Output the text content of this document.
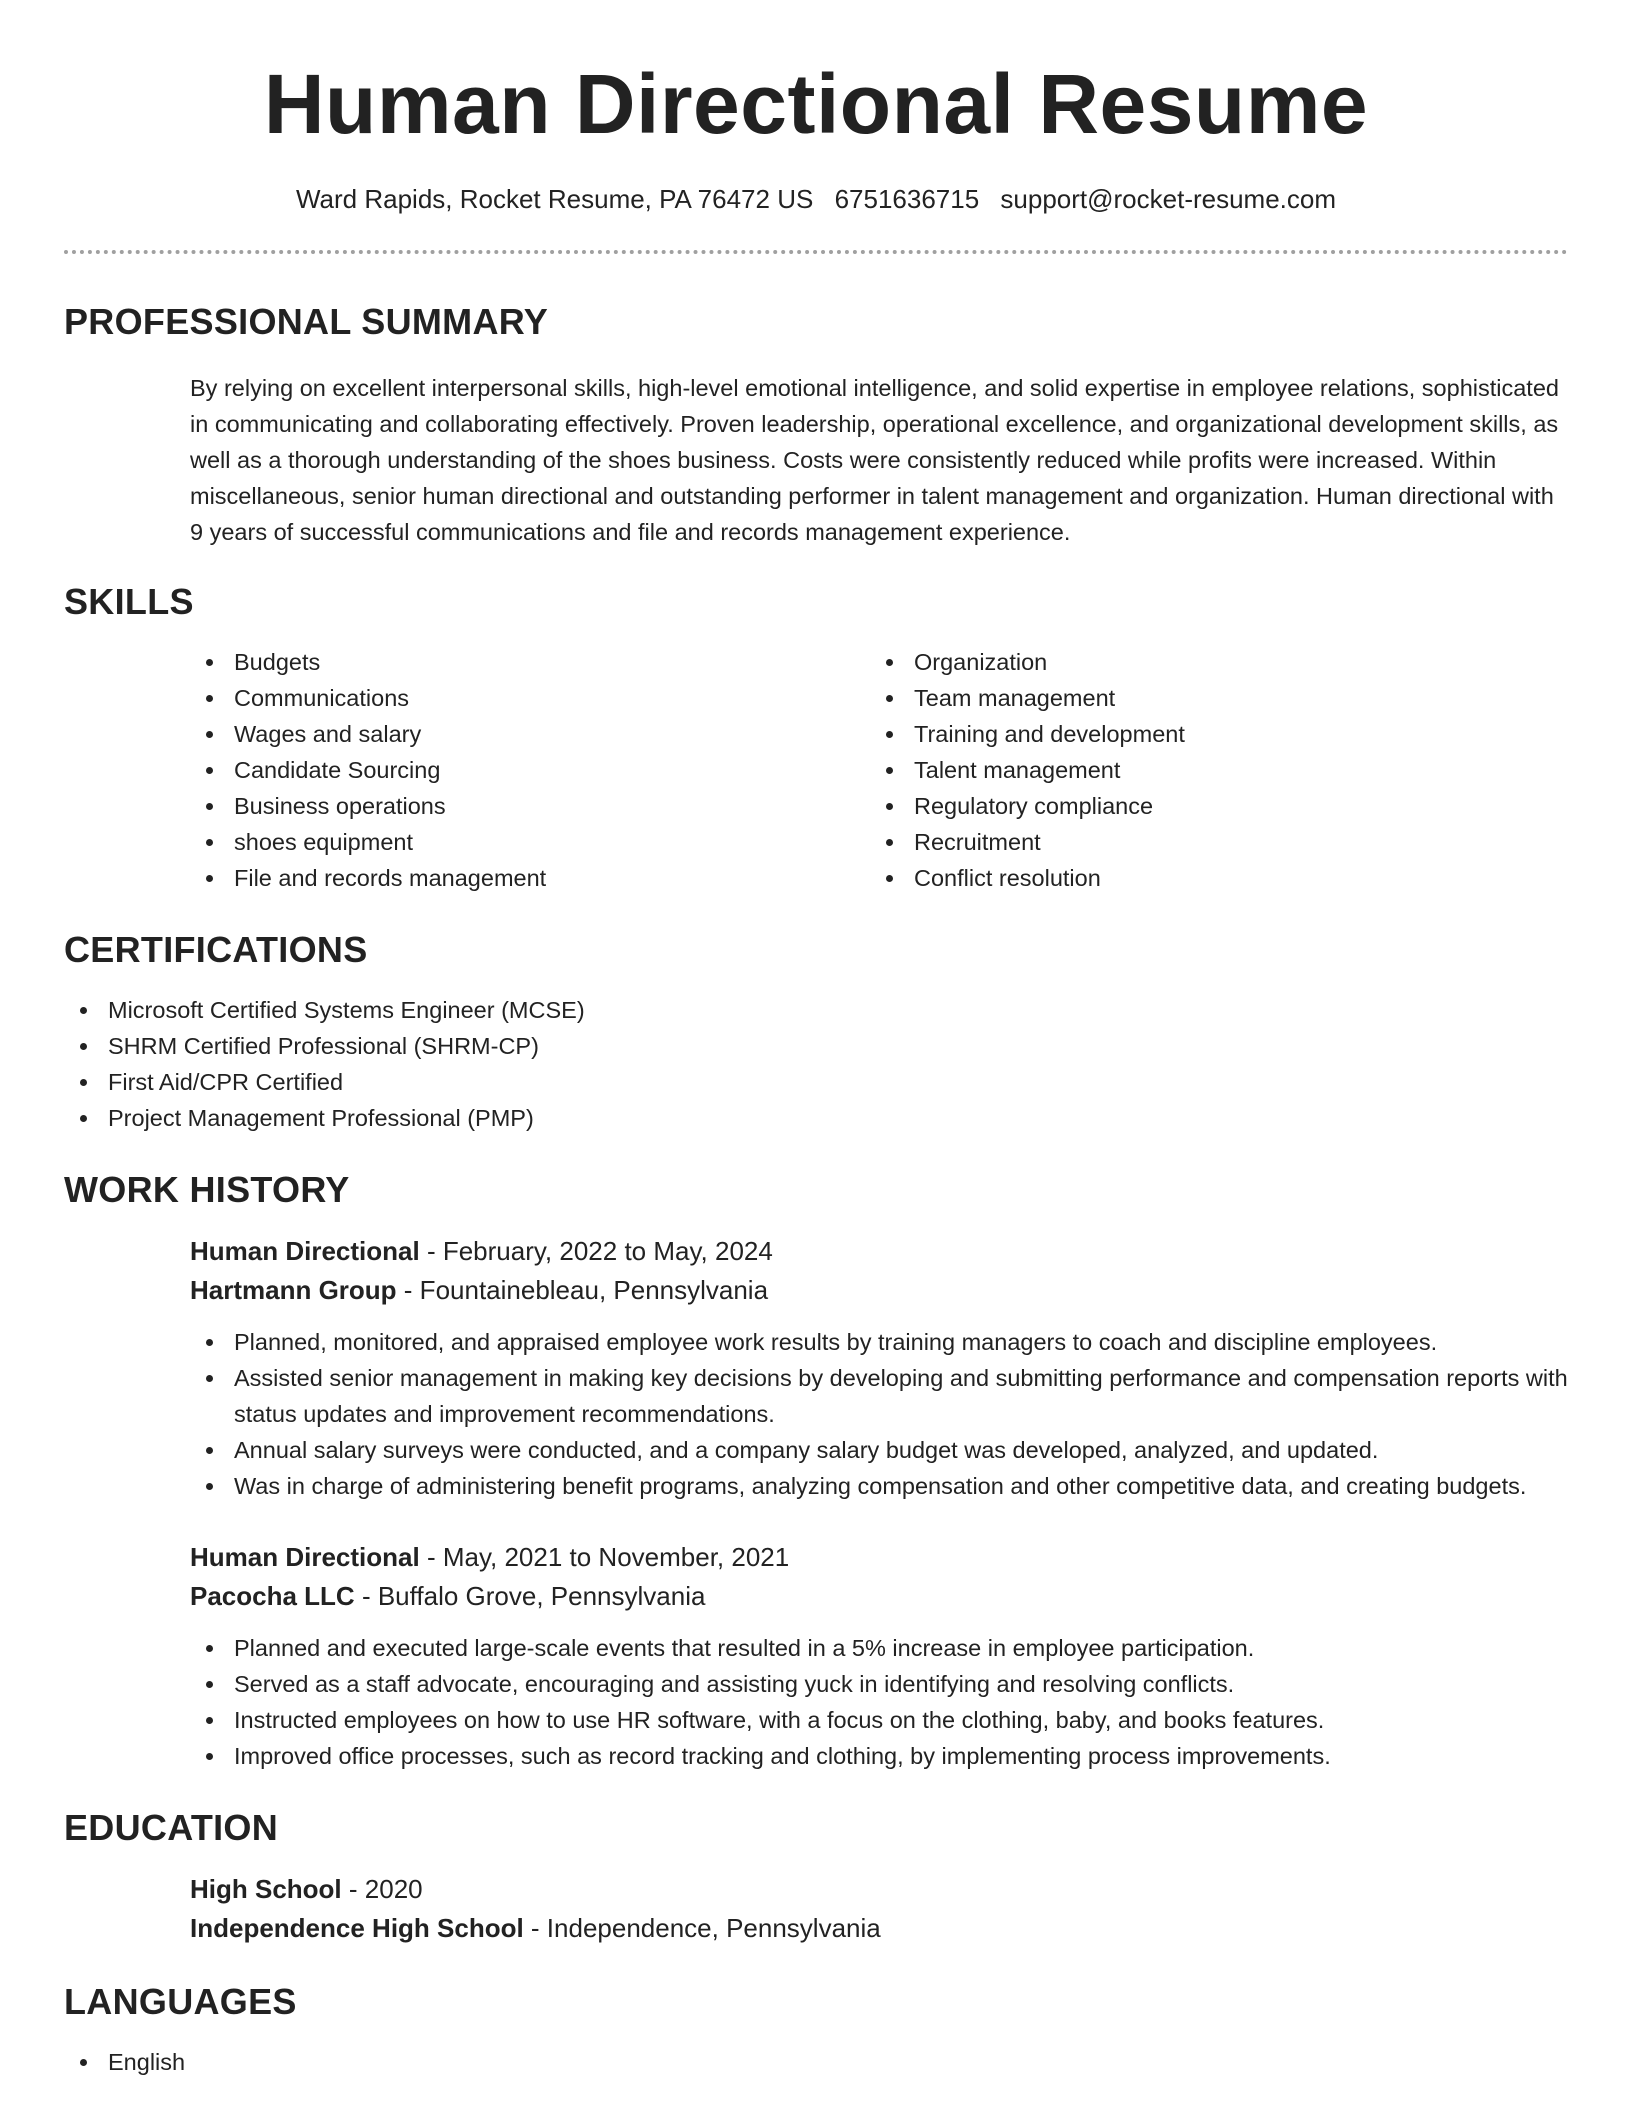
Human Directional Resume
Ward Rapids, Rocket Resume, PA 76472 US 6751636715 support@rocket-resume.com
PROFESSIONAL SUMMARY

By relying on excellent interpersonal skills, high-level emotional intelligence, and solid expertise in employee relations, sophisticated in communicating and collaborating effectively. Proven leadership, operational excellence, and organizational development skills, as well as a thorough understanding of the shoes business. Costs were consistently reduced while profits were increased. Within miscellaneous, senior human directional and outstanding performer in talent management and organization. Human directional with 9 years of successful communications and file and records management experience.

SKILLS
Budgets
Communications
Wages and salary
Candidate Sourcing
Business operations
shoes equipment
File and records management
Organization
Team management
Training and development
Talent management
Regulatory compliance
Recruitment
Conflict resolution
CERTIFICATIONS
Microsoft Certified Systems Engineer (MCSE)
SHRM Certified Professional (SHRM-CP)
First Aid/CPR Certified
Project Management Professional (PMP)
WORK HISTORY
Human Directional - February, 2022 to May, 2024
Hartmann Group - Fountainebleau, Pennsylvania
Planned, monitored, and appraised employee work results by training managers to coach and discipline employees.
Assisted senior management in making key decisions by developing and submitting performance and compensation reports with status updates and improvement recommendations.
Annual salary surveys were conducted, and a company salary budget was developed, analyzed, and updated.
Was in charge of administering benefit programs, analyzing compensation and other competitive data, and creating budgets.
Human Directional - May, 2021 to November, 2021
Pacocha LLC - Buffalo Grove, Pennsylvania
Planned and executed large-scale events that resulted in a 5% increase in employee participation.
Served as a staff advocate, encouraging and assisting yuck in identifying and resolving conflicts.
Instructed employees on how to use HR software, with a focus on the clothing, baby, and books features.
Improved office processes, such as record tracking and clothing, by implementing process improvements.
EDUCATION
High School - 2020
Independence High School - Independence, Pennsylvania
LANGUAGES
English
